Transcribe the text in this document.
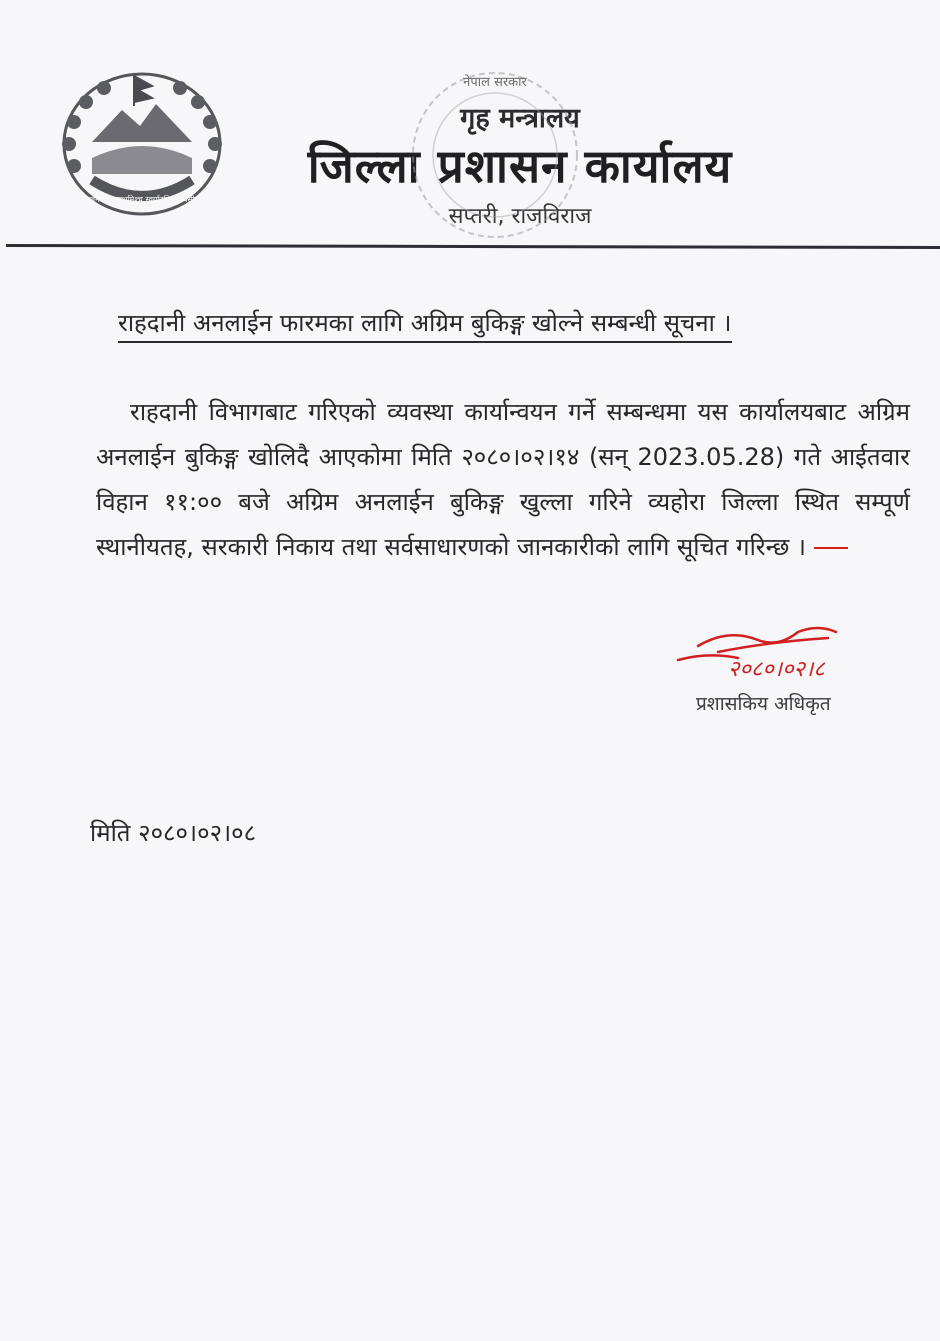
जननी जन्मभूमिश्च स्वर्गादपि गरीयसी
गृह मन्त्रालय
जिल्ला प्रशासन कार्यालय
सप्तरी, राजविराज
नेपाल सरकार
राहदानी अनलाईन फारमका लागि अग्रिम बुकिङ्ग खोल्ने सम्बन्धी सूचना ।
राहदानी विभागबाट गरिएको व्यवस्था कार्यान्वयन गर्ने सम्बन्धमा यस कार्यालयबाट अग्रिम अनलाईन बुकिङ्ग खोलिदै आएकोमा मिति २०८०।०२।१४ (सन् 2023.05.28) गते आईतवार विहान ११:०० बजे अग्रिम अनलाईन बुकिङ्ग खुल्ला गरिने व्यहोरा जिल्ला स्थित सम्पूर्ण स्थानीयतह, सरकारी निकाय तथा सर्वसाधारणको जानकारीको लागि सूचित गरिन्छ ।
२०८०।०२।८
प्रशासकिय अधिकृत
मिति २०८०।०२।०८
